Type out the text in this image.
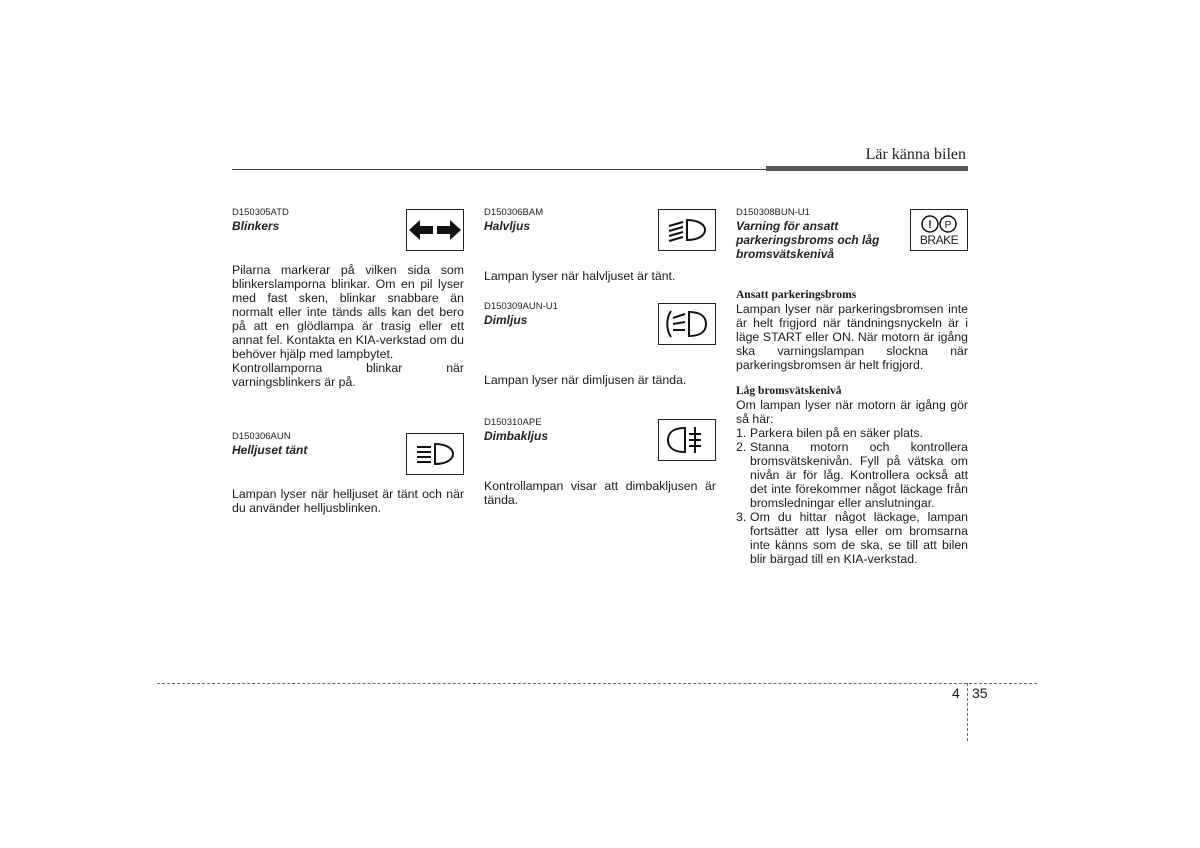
Lär känna bilen
D150305ATD
Blinkers

Pilarna markerar på vilken sida som blinkerslamporna blinkar. Om en pil lyser med fast sken, blinkar snabbare än normalt eller inte tänds alls kan det bero på att en glödlampa är trasig eller ett annat fel. Kontakta en KIA-verkstad om du behöver hjälp med lampbytet.

Kontrollamporna blinkar när varningsblinkers är på.

D150306AUN
Helljuset tänt

Lampan lyser när helljuset är tänt och när du använder helljusblinken.

D150306BAM
Halvljus

Lampan lyser när halvljuset är tänt.

D150309AUN-U1
Dimljus

Lampan lyser när dimljusen är tända.

D150310APE
Dimbakljus

Kontrollampan visar att dimbakljusen är tända.

D150308BUN-U1
Varning för ansatt parkeringsbroms och låg bromsvätskenivå
! P
BRAKE
Ansatt parkeringsbroms

Lampan lyser när parkeringsbromsen inte är helt frigjord när tändningsnyckeln är i läge START eller ON. När motorn är igång ska varningslampan slockna när parkeringsbromsen är helt frigjord.

Låg bromsvätskenivå

Om lampan lyser när motorn är igång gör så här:

1. Parkera bilen på en säker plats.
2. Stanna motorn och kontrollera bromsvätskenivån. Fyll på vätska om nivån är för låg. Kontrollera också att det inte förekommer något läckage från bromsledningar eller anslutningar.
3. Om du hittar något läckage, lampan fortsätter att lysa eller om bromsarna inte känns som de ska, se till att bilen blir bärgad till en KIA-verkstad.
4 35
